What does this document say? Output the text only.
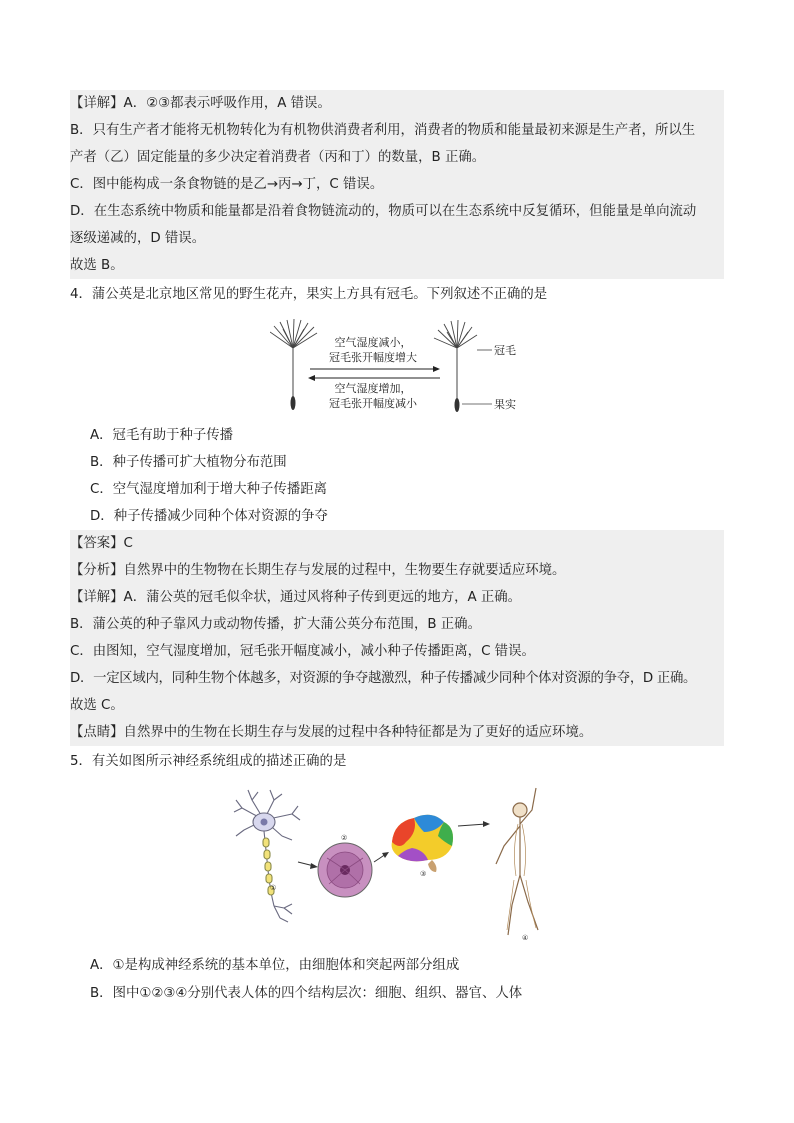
【详解】A．②③都表示呼吸作用，A 错误。
B．只有生产者才能将无机物转化为有机物供消费者利用，消费者的物质和能量最初来源是生产者，所以生
产者（乙）固定能量的多少决定着消费者（丙和丁）的数量，B 正确。
C．图中能构成一条食物链的是乙→丙→丁，C 错误。
D．在生态系统中物质和能量都是沿着食物链流动的，物质可以在生态系统中反复循环，但能量是单向流动
逐级递减的，D 错误。
故选 B。
4．蒲公英是北京地区常见的野生花卉，果实上方具有冠毛。下列叙述不正确的是
空气湿度减小，
冠毛张开幅度增大
空气湿度增加，
冠毛张开幅度减小
冠毛
果实
A．冠毛有助于种子传播
B．种子传播可扩大植物分布范围
C．空气湿度增加利于增大种子传播距离
D．种子传播减少同种个体对资源的争夺
【答案】C
【分析】自然界中的生物物在长期生存与发展的过程中，生物要生存就要适应环境。
【详解】A．蒲公英的冠毛似伞状，通过风将种子传到更远的地方，A 正确。
B．蒲公英的种子靠风力或动物传播，扩大蒲公英分布范围，B 正确。
C．由图知，空气湿度增加，冠毛张开幅度减小，减小种子传播距离，C 错误。
D．一定区域内，同种生物个体越多，对资源的争夺越激烈，种子传播减少同种个体对资源的争夺，D 正确。
故选 C。
【点睛】自然界中的生物在长期生存与发展的过程中各种特征都是为了更好的适应环境。
5．有关如图所示神经系统组成的描述正确的是
①
②
③
④
A．①是构成神经系统的基本单位，由细胞体和突起两部分组成
B．图中①②③④分别代表人体的四个结构层次：细胞、组织、器官、人体
